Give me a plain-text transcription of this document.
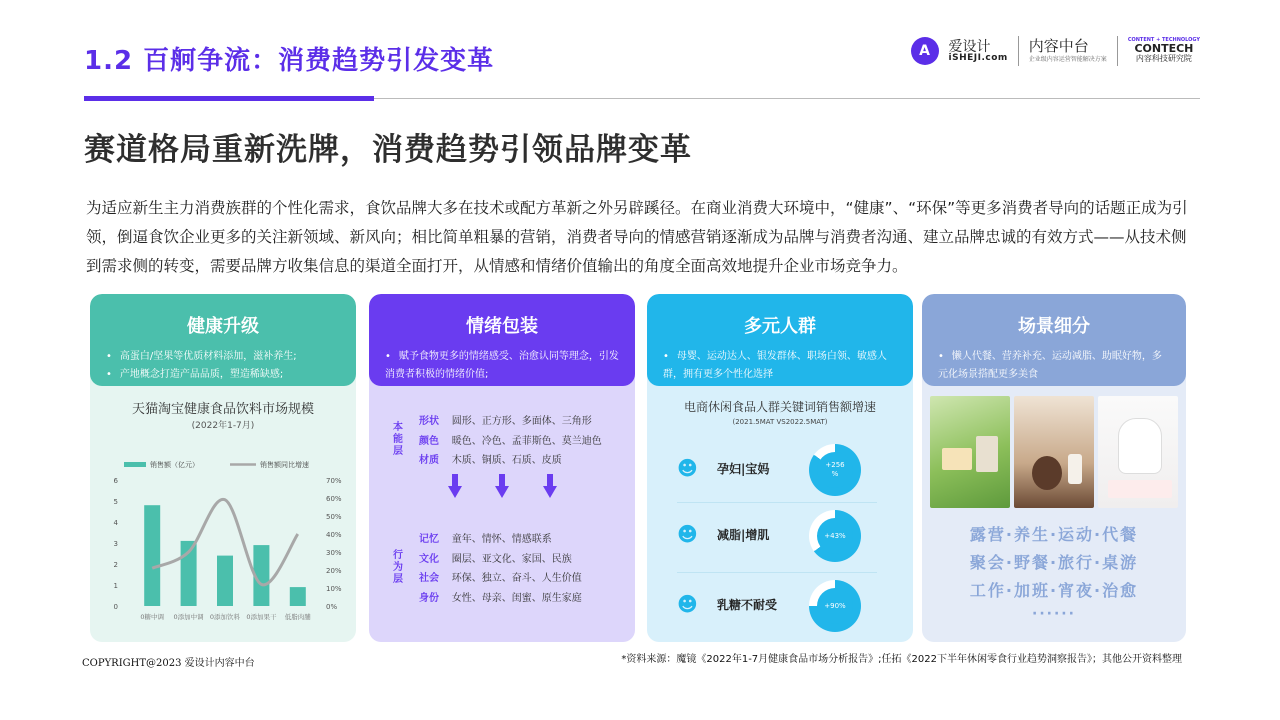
1.2 百舸争流：消费趋势引发变革	A	爱设计
iSHEJI.com
内容中台
企业级内容运营智能解决方案
CONTENT + TECHNOLOGY
CONTECH
内容科技研究院
赛道格局重新洗牌，消费趋势引领品牌变革
为适应新生主力消费族群的个性化需求，食饮品牌大多在技术或配方革新之外另辟蹊径。在商业消费大环境中，“健康”、“环保”等更多消费者导向的话题正成为引领，倒逼食饮企业更多的关注新领域、新风向；相比简单粗暴的营销，消费者导向的情感营销逐渐成为品牌与消费者沟通、建立品牌忠诚的有效方式——从技术侧到需求侧的转变，需要品牌方收集信息的渠道全面打开，从情感和情绪价值输出的角度全面高效地提升企业市场竞争力。
健康升级
• 高蛋白/坚果等优质材料添加，滋补养生;
• 产地概念打造产品品质，塑造稀缺感;
天猫淘宝健康食品饮料市场规模
(2022年1-7月)
销售额（亿元）	销售额同比增速
0
1
2
3
4
5
6
0%
10%
20%
30%
40%
50%
60%
70%
0糖中调 0添加中调 0添加饮料 0添加果干 低脂肉脯
情绪包装
• 赋予食物更多的情绪感受、治愈认同等理念，引发消费者积极的情绪价值;
本能层
形状 圆形、正方形、多面体、三角形
颜色 暖色、冷色、孟菲斯色、莫兰迪色
材质 木质、铜质、石质、皮质
行为层
记忆 童年、情怀、情感联系
文化 圈层、亚文化、家国、民族
社会 环保、独立、奋斗、人生价值
身份 女性、母亲、闺蜜、原生家庭
多元人群
• 母婴、运动达人、银发群体、职场白领、敏感人群，拥有更多个性化选择
电商休闲食品人群关键词销售额增速
(2021.5MAT VS2022.5MAT)
☻ 孕妇|宝妈	+256
%
☻ 减脂|增肌	+43%
☻ 乳糖不耐受	+90%
场景细分
• 懒人代餐、营养补充、运动减脂、助眠好物，多元化场景搭配更多美食
露营·养生·运动·代餐
聚会·野餐·旅行·桌游
工作·加班·宵夜·治愈
······
COPYRIGHT@2023 爱设计内容中台	*资料来源：魔镜《2022年1-7月健康食品市场分析报告》;任拓《2022下半年休闲零食行业趋势洞察报告》；其他公开资料整理
